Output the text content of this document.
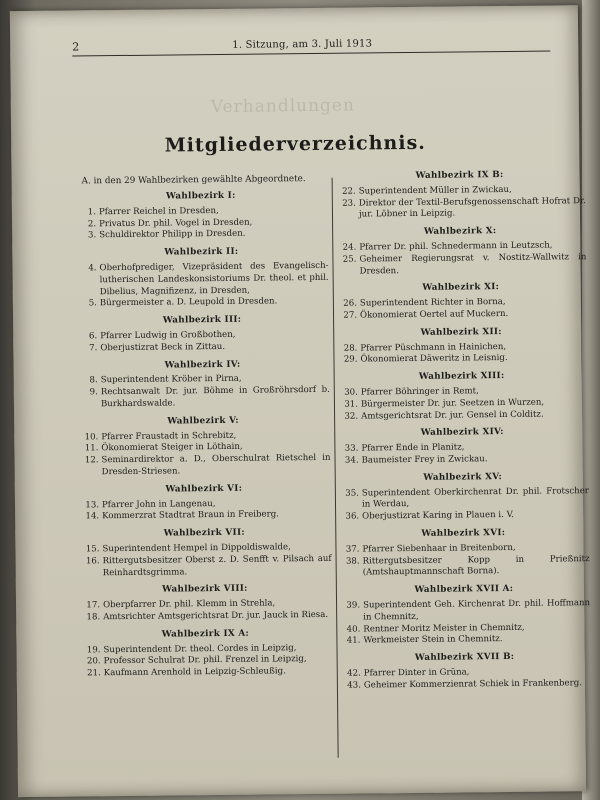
2	1. Sitzung, am 3. Juli 1913
Verhandlungen
Mitgliederverzeichnis.
A. in den 29 Wahlbezirken gewählte Abgeordnete.
Wahlbezirk I:
1. Pfarrer Reichel in Dresden,
2. Privatus Dr. phil. Vogel in Dresden,
3. Schuldirektor Philipp in Dresden.
Wahlbezirk II:
4. Oberhofprediger, Vizepräsident des Evangelisch-lutherischen Landeskonsistoriums Dr. theol. et phil. Dibelius, Magnifizenz, in Dresden,
5. Bürgermeister a. D. Leupold in Dresden.
Wahlbezirk III:
6. Pfarrer Ludwig in Großbothen,
7. Oberjustizrat Beck in Zittau.
Wahlbezirk IV:
8. Superintendent Kröber in Pirna,
9. Rechtsanwalt Dr. jur. Böhme in Großröhrsdorf b. Burkhardswalde.
Wahlbezirk V:
10. Pfarrer Fraustadt in Schrebitz,
11. Ökonomierat Steiger in Löthain,
12. Seminardirektor a. D., Oberschulrat Rietschel in Dresden-Striesen.
Wahlbezirk VI:
13. Pfarrer John in Langenau,
14. Kommerzrat Stadtrat Braun in Freiberg.
Wahlbezirk VII:
15. Superintendent Hempel in Dippoldiswalde,
16. Rittergutsbesitzer Oberst z. D. Senfft v. Pilsach auf Reinhardtsgrimma.
Wahlbezirk VIII:
17. Oberpfarrer Dr. phil. Klemm in Strehla,
18. Amtsrichter Amtsgerichtsrat Dr. jur. Jauck in Riesa.
Wahlbezirk IX A:
19. Superintendent Dr. theol. Cordes in Leipzig,
20. Professor Schulrat Dr. phil. Frenzel in Leipzig,
21. Kaufmann Arenhold in Leipzig-Schleußig.
Wahlbezirk IX B:
22. Superintendent Müller in Zwickau,
23. Direktor der Textil-Berufsgenossenschaft Hofrat Dr. jur. Löbner in Leipzig.
Wahlbezirk X:
24. Pfarrer Dr. phil. Schnedermann in Leutzsch,
25. Geheimer Regierungsrat v. Nostitz-Wallwitz in Dresden.
Wahlbezirk XI:
26. Superintendent Richter in Borna,
27. Ökonomierat Oertel auf Muckern.
Wahlbezirk XII:
28. Pfarrer Püschmann in Hainichen,
29. Ökonomierat Däweritz in Leisnig.
Wahlbezirk XIII:
30. Pfarrer Böhringer in Remt,
31. Bürgermeister Dr. jur. Seetzen in Wurzen,
32. Amtsgerichtsrat Dr. jur. Gensel in Colditz.
Wahlbezirk XIV:
33. Pfarrer Ende in Planitz,
34. Baumeister Frey in Zwickau.
Wahlbezirk XV:
35. Superintendent Oberkirchenrat Dr. phil. Frotscher in Werdau,
36. Oberjustizrat Karing in Plauen i. V.
Wahlbezirk XVI:
37. Pfarrer Siebenhaar in Breitenborn,
38. Rittergutsbesitzer Kopp in Prießnitz (Amtshauptmannschaft Borna).
Wahlbezirk XVII A:
39. Superintendent Geh. Kirchenrat Dr. phil. Hoffmann in Chemnitz,
40. Rentner Moritz Meister in Chemnitz,
41. Werkmeister Stein in Chemnitz.
Wahlbezirk XVII B:
42. Pfarrer Dinter in Grüna,
43. Geheimer Kommerzienrat Schiek in Frankenberg.
